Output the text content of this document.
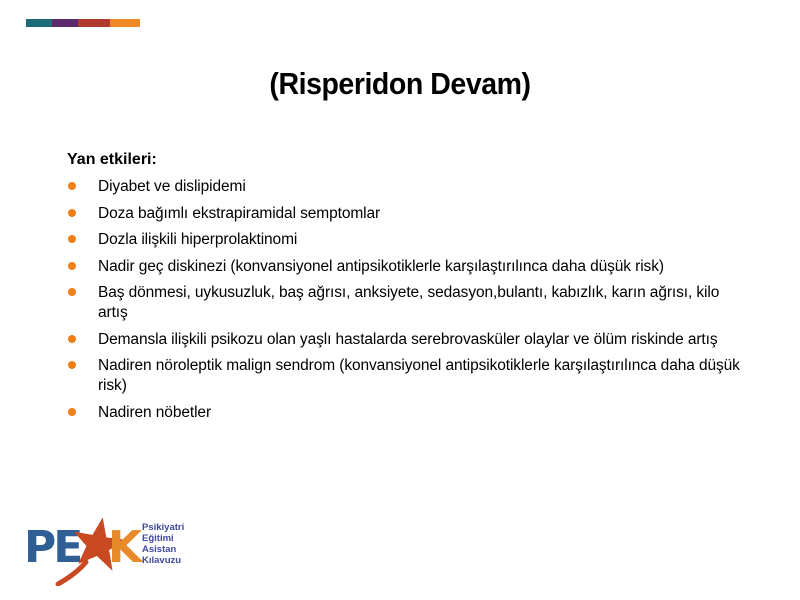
(Risperidon Devam)
Yan etkileri:
Diyabet ve dislipidemi
Doza bağımlı ekstrapiramidal semptomlar
Dozla ilişkili hiperprolaktinomi
Nadir geç diskinezi (konvansiyonel antipsikotiklerle karşılaştırılınca daha düşük risk)
Baş dönmesi, uykusuzluk, baş ağrısı, anksiyete, sedasyon,bulantı, kabızlık, karın ağrısı, kilo artış
Demansla ilişkili psikozu olan yaşlı hastalarda serebrovasküler olaylar ve ölüm riskinde artış
Nadiren nöroleptik malign sendrom (konvansiyonel antipsikotiklerle karşılaştırılınca daha düşük risk)
Nadiren nöbetler
PE K Psikiyatri
Eğitimi
Asistan
Kılavuzu
